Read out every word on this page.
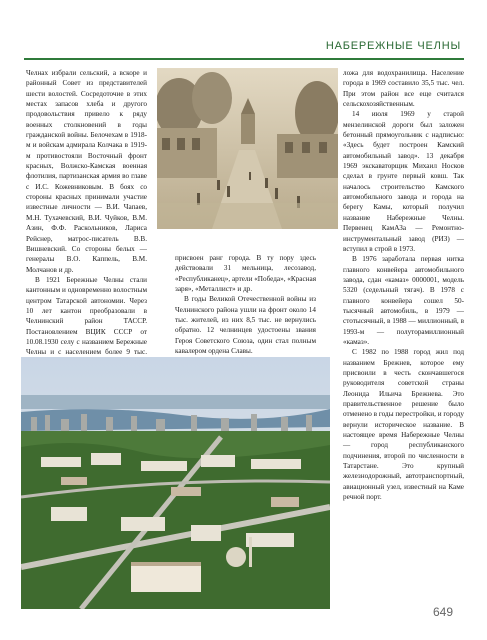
НАБЕРЕЖНЫЕ ЧЕЛНЫ

Челнах избрали сельский, а вскоре и районный Совет из представителей шести волостей. Сосредоточие в этих местах запасов хлеба и другого продовольствия привело к ряду военных столкновений в годы гражданской войны. Белочехам в 1918-м и войскам адмирала Колчака в 1919-м противостояли Восточный фронт красных, Волжско-Камская военная флотилия, партизанская армия во главе с И.С. Кожевниковым. В боях со стороны красных принимали участие известные личности — В.И. Чапаев, М.Н. Тухачевский, В.И. Чуйков, В.М. Азин, Ф.Ф. Раскольников, Лариса Рейснер, матрос-писатель В.В. Вишневский. Со стороны белых — генералы В.О. Каппель, В.М. Молчанов и др.

В 1921 Бережные Челны стали кантонным и одновременно волостным центром Татарской автономии. Через 10 лет кантон преобразовали в Челнинский район ТАССР. Постановлением ВЦИК СССР от 10.08.1930 селу с названием Бережные Челны и с населением более 9 тыс.

присвоен ранг города. В ту пору здесь действовали 31 мельница, лесозавод, «Республиканец», артели «Победа», «Красная заря», «Металлист» и др.

В годы Великой Отечественной войны из Челнинского района ушли на фронт около 14 тыс. жителей, из них 8,5 тыс. не вернулись обратно. 12 челнинцев удостоены звания Героя Советского Союза, один стал полным кавалером ордена Славы.

ложа для водохранилища. Население города в 1969 составило 35,5 тыс. чел. При этом район все еще считался сельскохозяйственным.

14 июля 1969 у старой мензелинской дороги был заложен бетонный прямоугольник с надписью: «Здесь будет построен Камский автомобильный завод». 13 декабря 1969 экскаваторщик Михаил Носков сделал в грунте первый ковш. Так началось строительство Камского автомобильного завода и города на берегу Камы, который получил название Набережные Челны. Первенец КамАЗа — Ремонтно-инструментальный завод (РИЗ) — вступил в строй в 1973.

В 1976 заработала первая нитка главного конвейера автомобильного завода, сдан «камаз» 0000001, модель 5320 (седельный тягач). В 1978 с главного конвейера сошел 50-тысячный автомобиль, в 1979 — стотысячный, в 1988 — миллионный, в 1993-м — полуторамиллионный «камаз».

С 1982 по 1988 город жил под названием Брежнев, которое ему присвоили в честь скончавшегося руководителя советской страны Леонида Ильича Брежнева. Это правительственное решение было отменено в годы перестройки, и городу вернули историческое название. В настоящее время Набережные Челны — город республиканского подчинения, второй по численности в Татарстане. Это крупный железнодорожный, автотранспортный, авиационный узел, известный на Каме речной порт.

649
